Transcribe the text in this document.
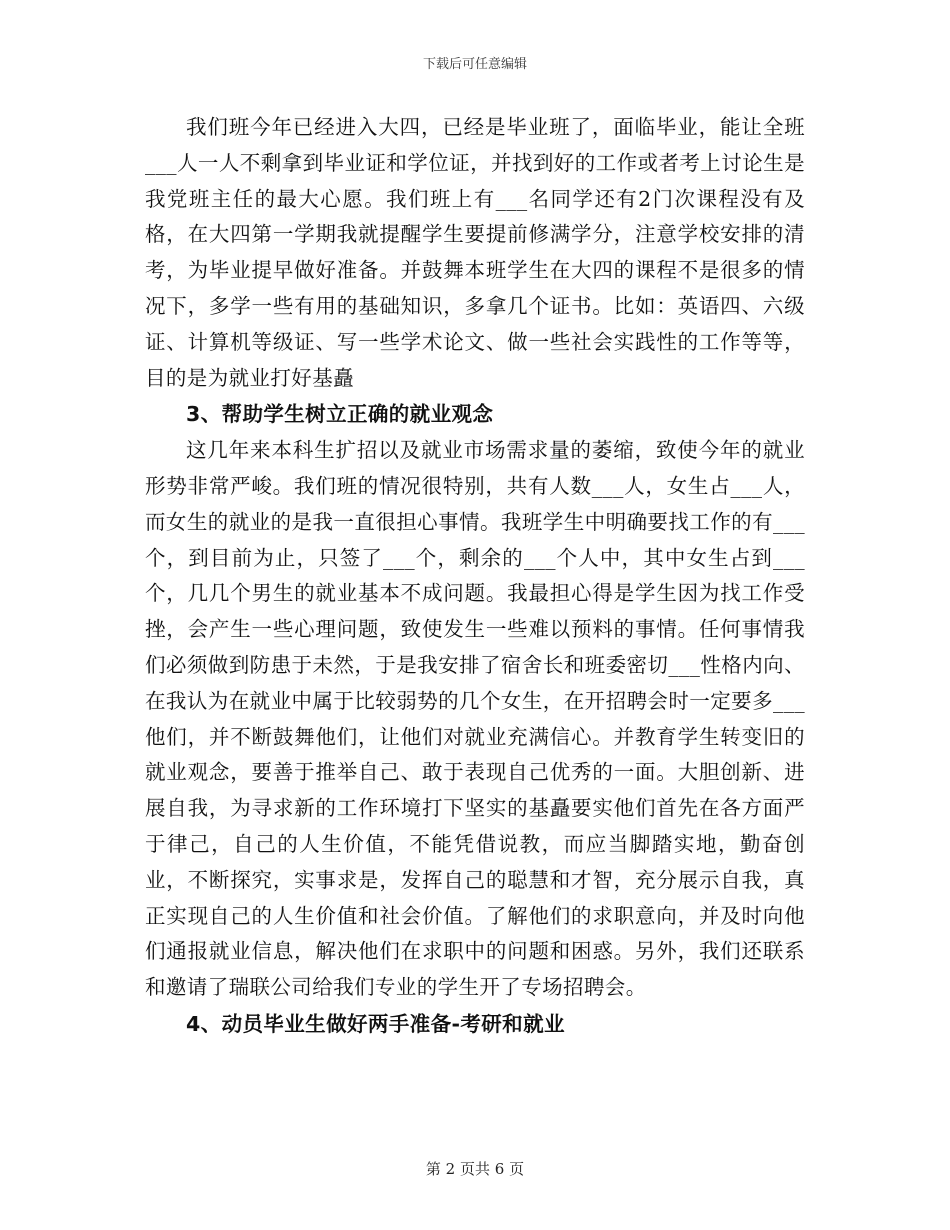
下载后可任意编辑

我们班今年已经进入大四，已经是毕业班了，面临毕业，能让全班___人一人不剩拿到毕业证和学位证，并找到好的工作或者考上讨论生是我党班主任的最大心愿。我们班上有___名同学还有2门次课程没有及格，在大四第一学期我就提醒学生要提前修满学分，注意学校安排的清考，为毕业提早做好准备。并鼓舞本班学生在大四的课程不是很多的情况下，多学一些有用的基础知识，多拿几个证书。比如：英语四、六级证、计算机等级证、写一些学术论文、做一些社会实践性的工作等等，目的是为就业打好基矗

3、帮助学生树立正确的就业观念

这几年来本科生扩招以及就业市场需求量的萎缩，致使今年的就业形势非常严峻。我们班的情况很特别，共有人数___人，女生占___人，而女生的就业的是我一直很担心事情。我班学生中明确要找工作的有___个，到目前为止，只签了___个，剩余的___个人中，其中女生占到___个，几几个男生的就业基本不成问题。我最担心得是学生因为找工作受挫，会产生一些心理问题，致使发生一些难以预料的事情。任何事情我们必须做到防患于未然，于是我安排了宿舍长和班委密切___性格内向、在我认为在就业中属于比较弱势的几个女生，在开招聘会时一定要多___他们，并不断鼓舞他们，让他们对就业充满信心。并教育学生转变旧的就业观念，要善于推举自己、敢于表现自己优秀的一面。大胆创新、进展自我，为寻求新的工作环境打下坚实的基矗要实他们首先在各方面严于律己，自己的人生价值，不能凭借说教，而应当脚踏实地，勤奋创业，不断探究，实事求是，发挥自己的聪慧和才智，充分展示自我，真正实现自己的人生价值和社会价值。了解他们的求职意向，并及时向他们通报就业信息，解决他们在求职中的问题和困惑。另外，我们还联系和邀请了瑞联公司给我们专业的学生开了专场招聘会。

4、动员毕业生做好两手准备-考研和就业

第 2 页共 6 页
